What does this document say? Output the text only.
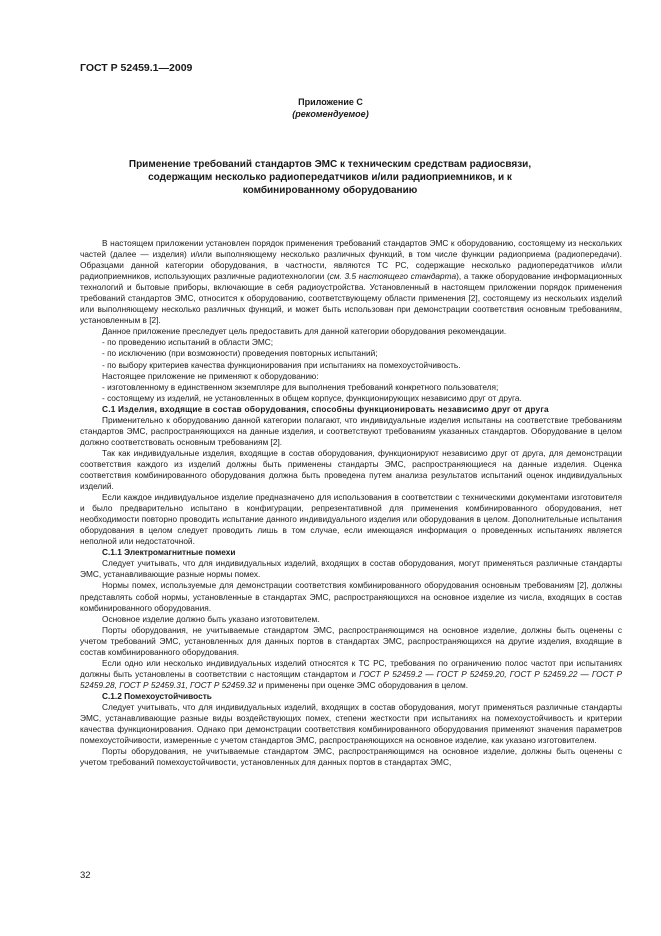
ГОСТ Р 52459.1—2009
Приложение С
(рекомендуемое)
Применение требований стандартов ЭМС к техническим средствам радиосвязи, содержащим несколько радиопередатчиков и/или радиоприемников, и к комбинированному оборудованию

В настоящем приложении установлен порядок применения требований стандартов ЭМС к оборудованию, состоящему из нескольких частей (далее — изделия) и/или выполняющему несколько различных функций, в том числе функции радиоприема (радиопередачи). Образцами данной категории оборудования, в частности, являются ТС РС, содержащие несколько радиопередатчиков и/или радиоприемников, использующих различные радиотехнологии (см. 3.5 настоящего стандарта), а также оборудование информационных технологий и бытовые приборы, включающие в себя радиоустройства. Установленный в настоящем приложении порядок применения требований стандартов ЭМС, относится к оборудованию, соответствующему области применения [2], состоящему из нескольких изделий или выполняющему несколько различных функций, и может быть использован при демонстрации соответствия основным требованиям, установленным в [2].

Данное приложение преследует цель предоставить для данной категории оборудования рекомендации.

- по проведению испытаний в области ЭМС;

- по исключению (при возможности) проведения повторных испытаний;

- по выбору критериев качества функционирования при испытаниях на помехоустойчивость.

Настоящее приложение не применяют к оборудованию:

- изготовленному в единственном экземпляре для выполнения требований конкретного пользователя;

- состоящему из изделий, не установленных в общем корпусе, функционирующих независимо друг от друга.

С.1 Изделия, входящие в состав оборудования, способны функционировать независимо друг от друга

Применительно к оборудованию данной категории полагают, что индивидуальные изделия испытаны на соответствие требованиям стандартов ЭМС, распространяющихся на данные изделия, и соответствуют требованиям указанных стандартов. Оборудование в целом должно соответствовать основным требованиям [2].

Так как индивидуальные изделия, входящие в состав оборудования, функционируют независимо друг от друга, для демонстрации соответствия каждого из изделий должны быть применены стандарты ЭМС, распространяющиеся на данные изделия. Оценка соответствия комбинированного оборудования должна быть проведена путем анализа результатов испытаний оценок индивидуальных изделий.

Если каждое индивидуальное изделие предназначено для использования в соответствии с техническими документами изготовителя и было предварительно испытано в конфигурации, репрезентативной для применения комбинированного оборудования, нет необходимости повторно проводить испытание данного индивидуального изделия или оборудования в целом. Дополнительные испытания оборудования в целом следует проводить лишь в том случае, если имеющаяся информация о проведенных испытаниях является неполной или недостаточной.

С.1.1 Электромагнитные помехи

Следует учитывать, что для индивидуальных изделий, входящих в состав оборудования, могут применяться различные стандарты ЭМС, устанавливающие разные нормы помех.

Нормы помех, используемые для демонстрации соответствия комбинированного оборудования основным требованиям [2], должны представлять собой нормы, установленные в стандартах ЭМС, распространяющихся на основное изделие из числа, входящих в состав комбинированного оборудования.

Основное изделие должно быть указано изготовителем.

Порты оборудования, не учитываемые стандартом ЭМС, распространяющимся на основное изделие, должны быть оценены с учетом требований ЭМС, установленных для данных портов в стандартах ЭМС, распространяющихся на другие изделия, входящие в состав комбинированного оборудования.

Если одно или несколько индивидуальных изделий относятся к ТС РС, требования по ограничению полос частот при испытаниях должны быть установлены в соответствии с настоящим стандартом и ГОСТ Р 52459.2 — ГОСТ Р 52459.20, ГОСТ Р 52459.22 — ГОСТ Р 52459.28, ГОСТ Р 52459.31, ГОСТ Р 52459.32 и применены при оценке ЭМС оборудования в целом.

С.1.2 Помехоустойчивость

Следует учитывать, что для индивидуальных изделий, входящих в состав оборудования, могут применяться различные стандарты ЭМС, устанавливающие разные виды воздействующих помех, степени жесткости при испытаниях на помехоустойчивость и критерии качества функционирования. Однако при демонстрации соответствия комбинированного оборудования применяют значения параметров помехоустойчивости, измеренные с учетом стандартов ЭМС, распространяющихся на основное изделие, как указано изготовителем.

Порты оборудования, не учитываемые стандартом ЭМС, распространяющимся на основное изделие, должны быть оценены с учетом требований помехоустойчивости, установленных для данных портов в стандартах ЭМС,

32
